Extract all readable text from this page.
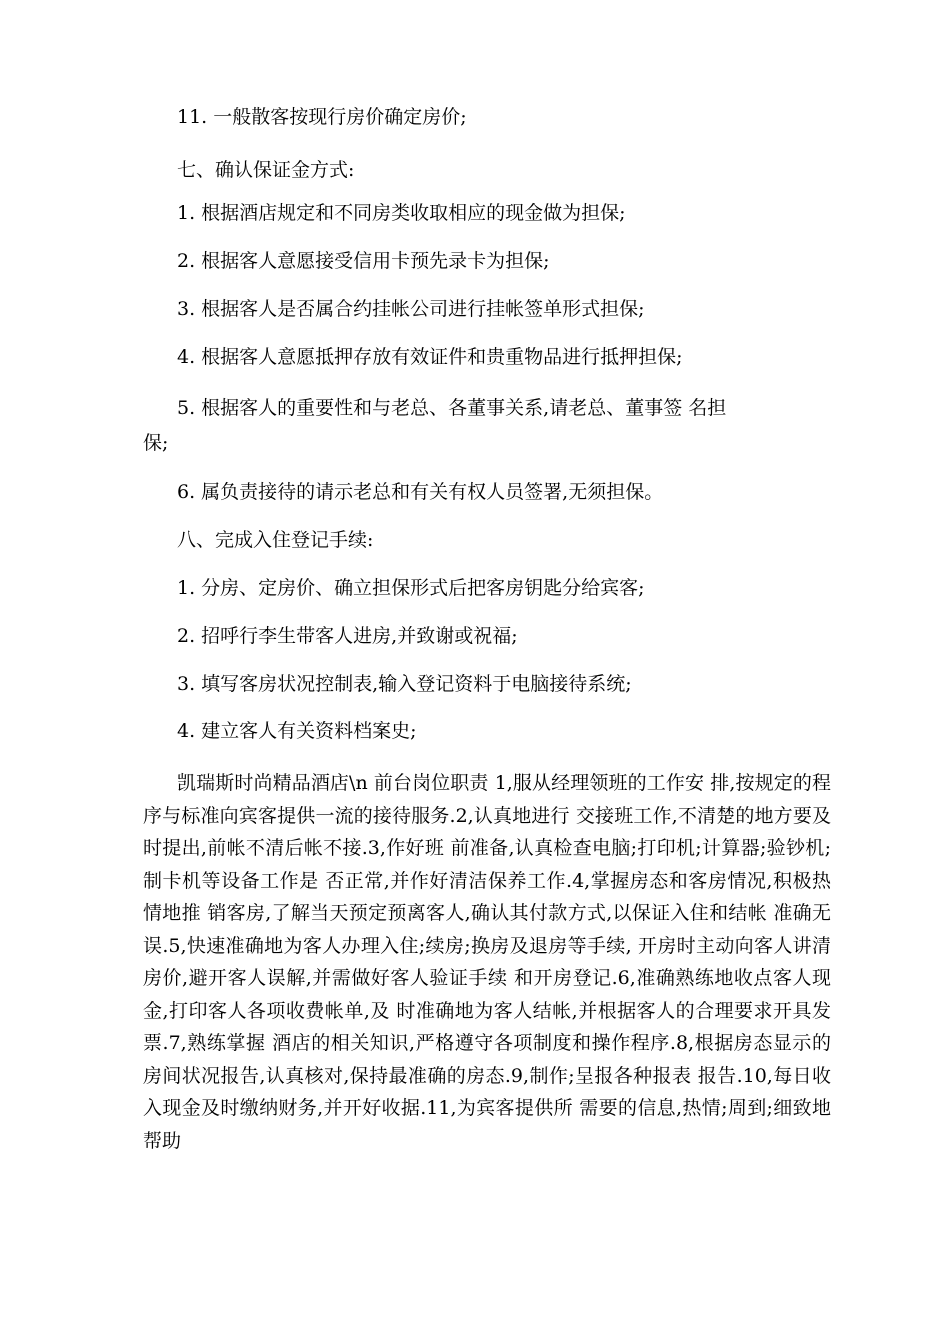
11. 一般散客按现行房价确定房价;

七、确认保证金方式:

1. 根据酒店规定和不同房类收取相应的现金做为担保;

2. 根据客人意愿接受信用卡预先录卡为担保;

3. 根据客人是否属合约挂帐公司进行挂帐签单形式担保;

4. 根据客人意愿抵押存放有效证件和贵重物品进行抵押担保;

5. 根据客人的重要性和与老总、各董事关系,请老总、董事签 名担

保;

6. 属负责接待的请示老总和有关有权人员签署,无须担保。

八、完成入住登记手续:

1. 分房、定房价、确立担保形式后把客房钥匙分给宾客;

2. 招呼行李生带客人进房,并致谢或祝福;

3. 填写客房状况控制表,输入登记资料于电脑接待系统;

4. 建立客人有关资料档案史;

凯瑞斯时尚精品酒店\n 前台岗位职责 1,服从经理领班的工作安 排,按规定的程序与标准向宾客提供一流的接待服务.2,认真地进行 交接班工作,不清楚的地方要及时提出,前帐不清后帐不接.3,作好班 前准备,认真检查电脑;打印机;计算器;验钞机;制卡机等设备工作是 否正常,并作好清洁保养工作.4,掌握房态和客房情况,积极热情地推 销客房,了解当天预定预离客人,确认其付款方式,以保证入住和结帐 准确无误.5,快速准确地为客人办理入住;续房;换房及退房等手续, 开房时主动向客人讲清房价,避开客人误解,并需做好客人验证手续 和开房登记.6,准确熟练地收点客人现金,打印客人各项收费帐单,及 时准确地为客人结帐,并根据客人的合理要求开具发票.7,熟练掌握 酒店的相关知识,严格遵守各项制度和操作程序.8,根据房态显示的 房间状况报告,认真核对,保持最准确的房态.9,制作;呈报各种报表 报告.10,每日收入现金及时缴纳财务,并开好收据.11,为宾客提供所 需要的信息,热情;周到;细致地帮助
